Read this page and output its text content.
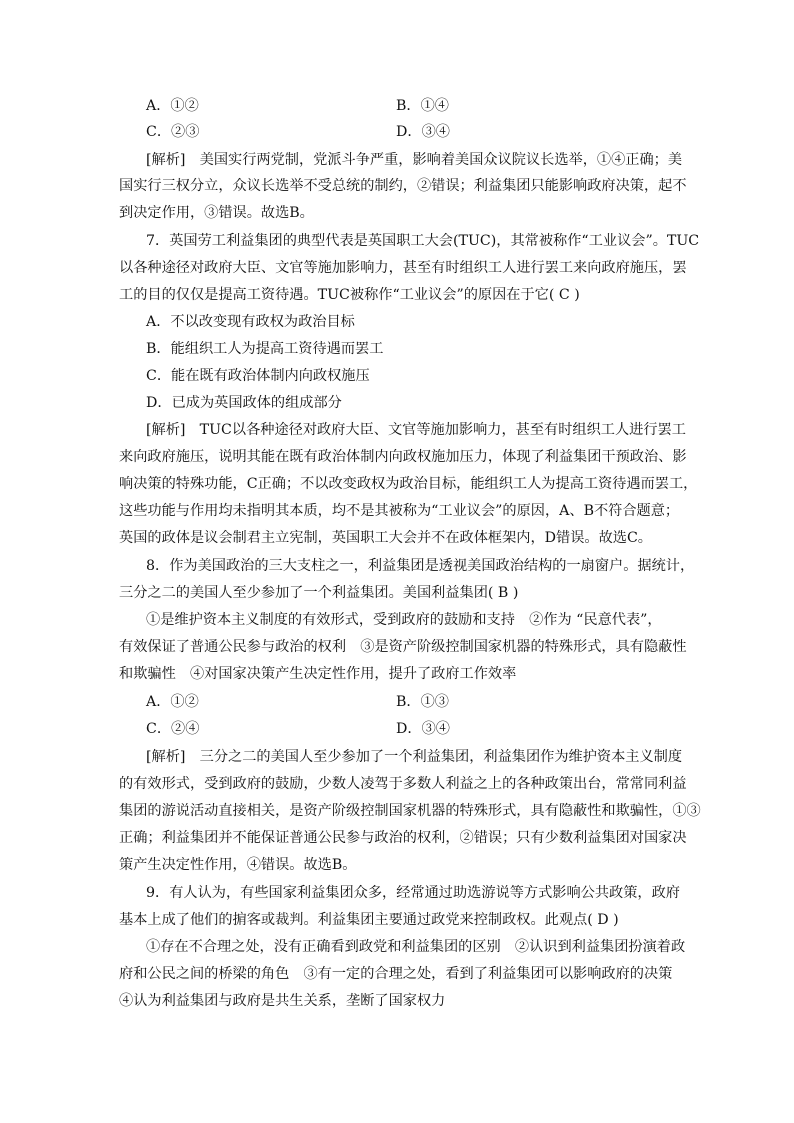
A．①②	B．①④
C．②③	D．③④
[解析]　美国实行两党制，党派斗争严重，影响着美国众议院议长选举，①④正确；美
国实行三权分立，众议长选举不受总统的制约，②错误；利益集团只能影响政府决策，起不
到决定作用，③错误。故选B。
7．英国劳工利益集团的典型代表是英国职工大会(TUC)，其常被称作“工业议会”。TUC
以各种途径对政府大臣、文官等施加影响力，甚至有时组织工人进行罢工来向政府施压，罢
工的目的仅仅是提高工资待遇。TUC被称作“工业议会”的原因在于它( C )
A．不以改变现有政权为政治目标
B．能组织工人为提高工资待遇而罢工
C．能在既有政治体制内向政权施压
D．已成为英国政体的组成部分
[解析]　TUC以各种途径对政府大臣、文官等施加影响力，甚至有时组织工人进行罢工
来向政府施压，说明其能在既有政治体制内向政权施加压力，体现了利益集团干预政治、影
响决策的特殊功能，C正确；不以改变政权为政治目标，能组织工人为提高工资待遇而罢工，
这些功能与作用均未指明其本质，均不是其被称为“工业议会”的原因，A、B不符合题意；
英国的政体是议会制君主立宪制，英国职工大会并不在政体框架内，D错误。故选C。
8．作为美国政治的三大支柱之一，利益集团是透视美国政治结构的一扇窗户。据统计，
三分之二的美国人至少参加了一个利益集团。美国利益集团( B )
①是维护资本主义制度的有效形式，受到政府的鼓励和支持　②作为 “民意代表”，
有效保证了普通公民参与政治的权利　③是资产阶级控制国家机器的特殊形式，具有隐蔽性
和欺骗性　④对国家决策产生决定性作用，提升了政府工作效率
A．①②	B．①③
C．②④	D．③④
[解析]　三分之二的美国人至少参加了一个利益集团，利益集团作为维护资本主义制度
的有效形式，受到政府的鼓励，少数人凌驾于多数人利益之上的各种政策出台，常常同利益
集团的游说活动直接相关，是资产阶级控制国家机器的特殊形式，具有隐蔽性和欺骗性，①③
正确；利益集团并不能保证普通公民参与政治的权利，②错误；只有少数利益集团对国家决
策产生决定性作用，④错误。故选B。
9．有人认为，有些国家利益集团众多，经常通过助选游说等方式影响公共政策，政府
基本上成了他们的掮客或裁判。利益集团主要通过政党来控制政权。此观点( D )
①存在不合理之处，没有正确看到政党和利益集团的区别　②认识到利益集团扮演着政
府和公民之间的桥梁的角色　③有一定的合理之处，看到了利益集团可以影响政府的决策
④认为利益集团与政府是共生关系，垄断了国家权力
